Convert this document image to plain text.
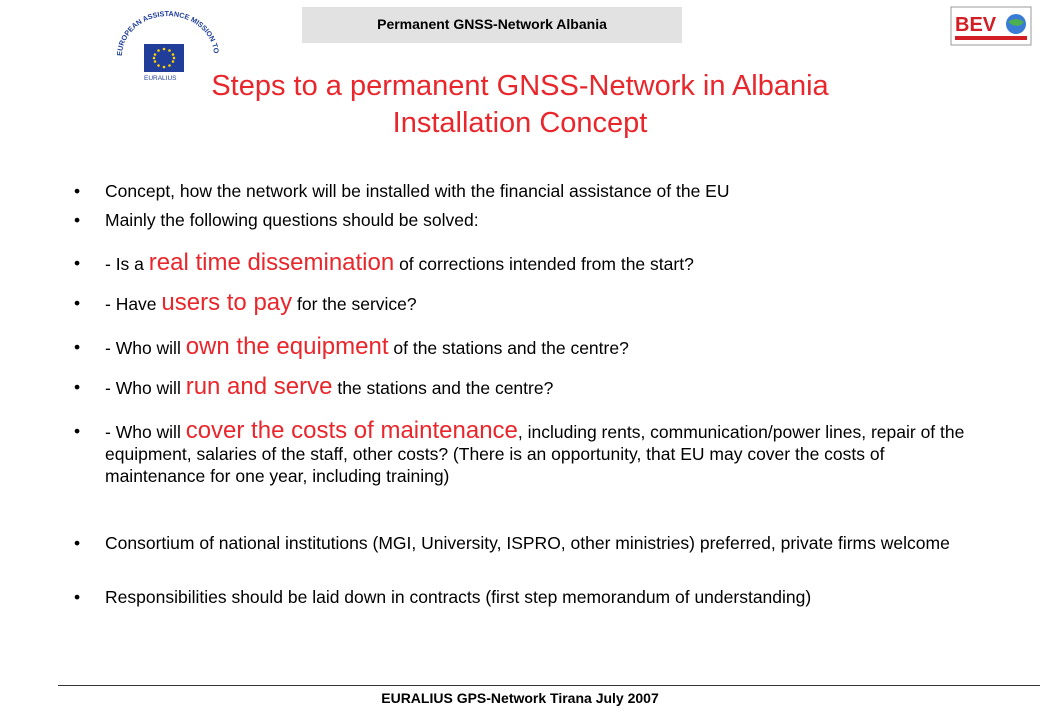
Permanent GNSS-Network Albania
EUROPEAN ASSISTANCE MISSION TO
EURALIUS
BEV
Steps to a permanent GNSS-Network in Albania
Installation Concept
• Concept, how the network will be installed with the financial assistance of the EU
• Mainly the following questions should be solved:
• - Is a real time dissemination of corrections intended from the start?
• - Have users to pay for the service?
• - Who will own the equipment of the stations and the centre?
• - Who will run and serve the stations and the centre?
• - Who will cover the costs of maintenance, including rents, communication/power lines, repair of the equipment, salaries of the staff, other costs? (There is an opportunity, that EU may cover the costs of maintenance for one year, including training)
• Consortium of national institutions (MGI, University, ISPRO, other ministries) preferred, private firms welcome
• Responsibilities should be laid down in contracts (first step memorandum of understanding)
EURALIUS GPS-Network Tirana July 2007
